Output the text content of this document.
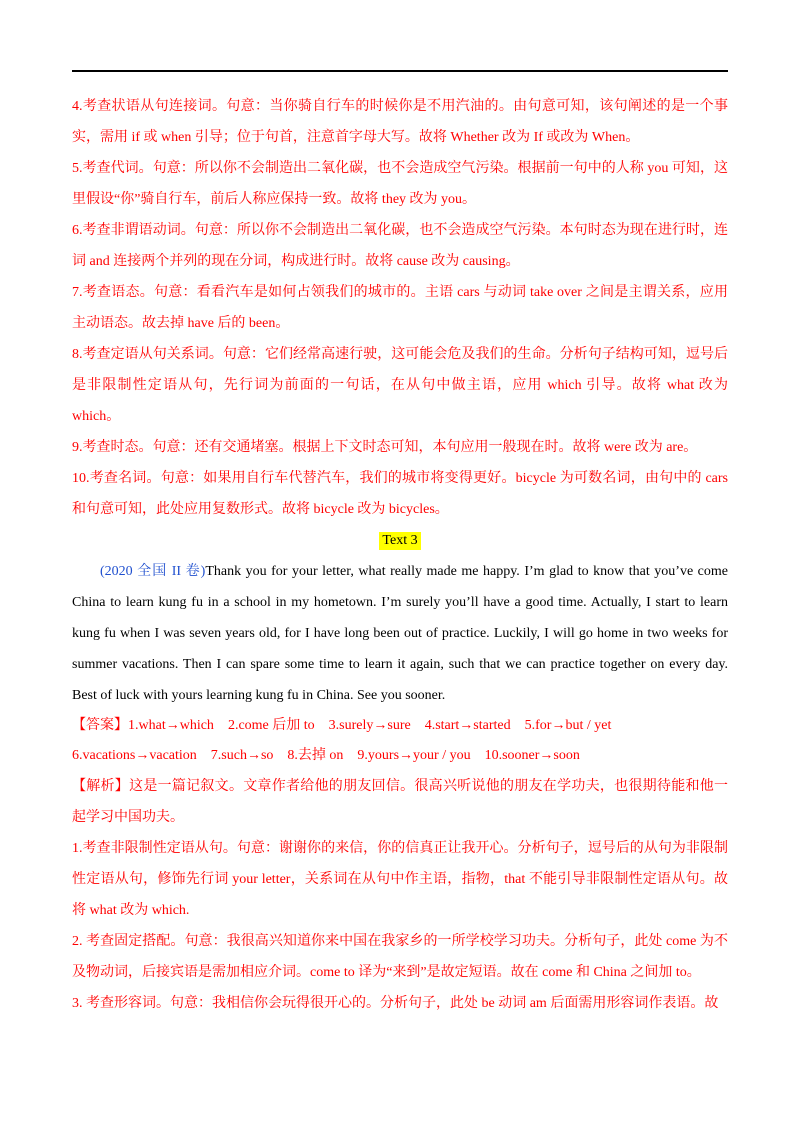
4.考查状语从句连接词。句意：当你骑自行车的时候你是不用汽油的。由句意可知，该句阐述的是一个事实，需用 if 或 when 引导；位于句首，注意首字母大写。故将 Whether 改为 If 或改为 When。

5.考查代词。句意：所以你不会制造出二氧化碳，也不会造成空气污染。根据前一句中的人称 you 可知，这里假设“你”骑自行车，前后人称应保持一致。故将 they 改为 you。

6.考查非谓语动词。句意：所以你不会制造出二氧化碳，也不会造成空气污染。本句时态为现在进行时，连词 and 连接两个并列的现在分词，构成进行时。故将 cause 改为 causing。

7.考查语态。句意：看看汽车是如何占领我们的城市的。主语 cars 与动词 take over 之间是主谓关系，应用主动语态。故去掉 have 后的 been。

8.考查定语从句关系词。句意：它们经常高速行驶，这可能会危及我们的生命。分析句子结构可知，逗号后是非限制性定语从句，先行词为前面的一句话，在从句中做主语，应用 which 引导。故将 what 改为 which。

9.考查时态。句意：还有交通堵塞。根据上下文时态可知，本句应用一般现在时。故将 were 改为 are。

10.考查名词。句意：如果用自行车代替汽车，我们的城市将变得更好。bicycle 为可数名词，由句中的 cars 和句意可知，此处应用复数形式。故将 bicycle 改为 bicycles。

Text 3

(2020 全国 II 卷)Thank you for your letter, what really made me happy. I’m glad to know that you’ve come China to learn kung fu in a school in my hometown. I’m surely you’ll have a good time. Actually, I start to learn kung fu when I was seven years old, for I have long been out of practice. Luckily, I will go home in two weeks for summer vacations. Then I can spare some time to learn it again, such that we can practice together on every day. Best of luck with yours learning kung fu in China. See you sooner.

【答案】1.what→which 2.come 后加 to 3.surely→sure 4.start→started 5.for→but / yet

6.vacations→vacation 7.such→so 8.去掉 on 9.yours→your / you 10.sooner→soon

【解析】这是一篇记叙文。文章作者给他的朋友回信。很高兴听说他的朋友在学功夫，也很期待能和他一起学习中国功夫。

1.考查非限制性定语从句。句意：谢谢你的来信，你的信真正让我开心。分析句子，逗号后的从句为非限制性定语从句，修饰先行词 your letter，关系词在从句中作主语，指物，that 不能引导非限制性定语从句。故将 what 改为 which.

2. 考查固定搭配。句意：我很高兴知道你来中国在我家乡的一所学校学习功夫。分析句子，此处 come 为不及物动词，后接宾语是需加相应介词。come to 译为“来到”是故定短语。故在 come 和 China 之间加 to。

3. 考查形容词。句意：我相信你会玩得很开心的。分析句子，此处 be 动词 am 后面需用形容词作表语。故
